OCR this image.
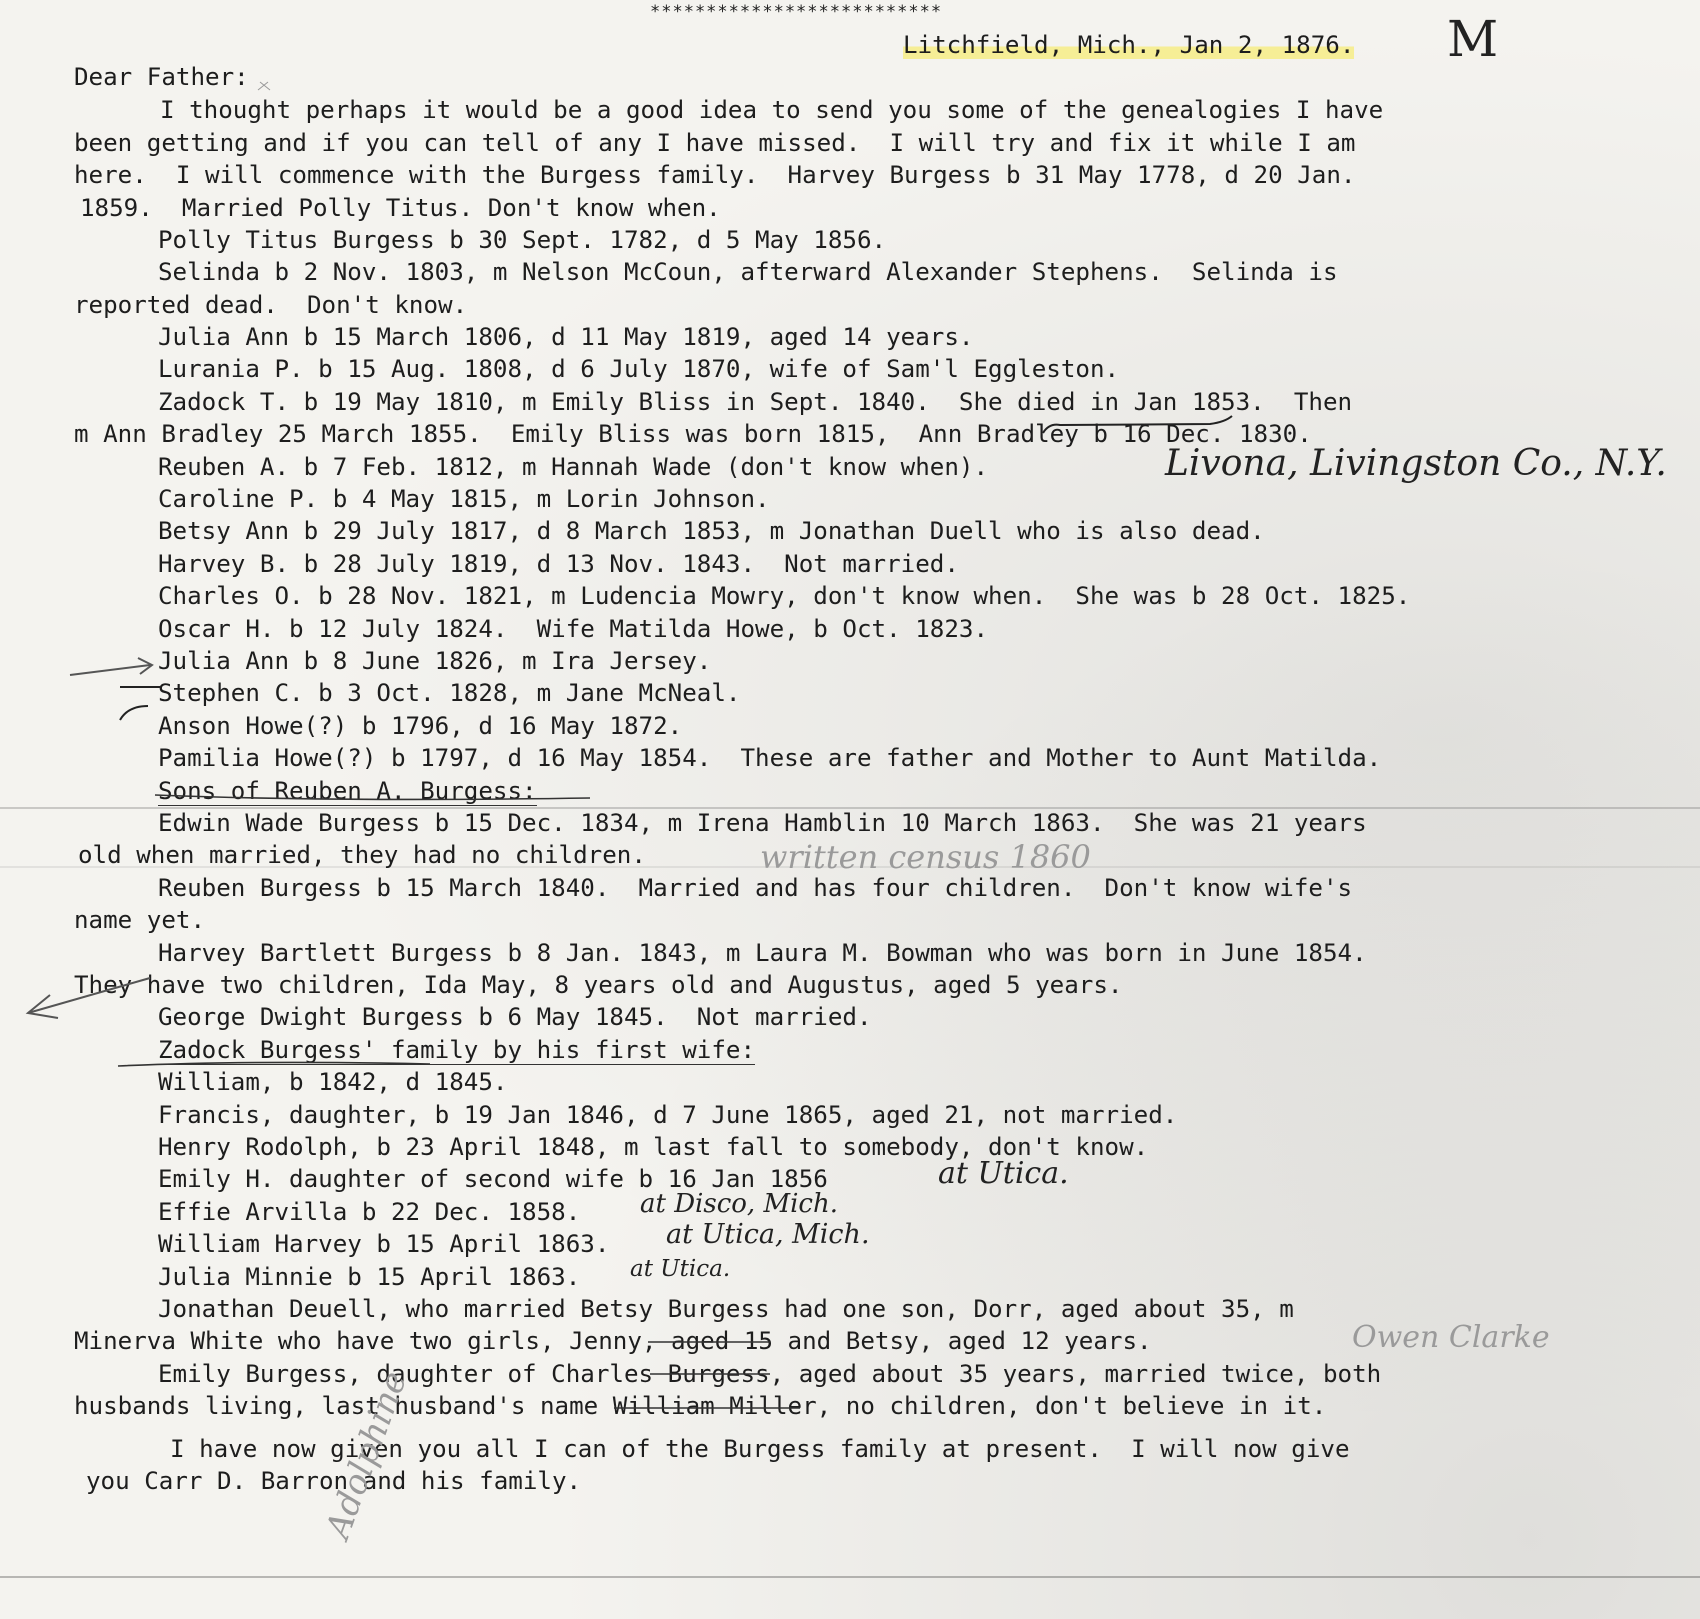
**************************
Litchfield, Mich., Jan 2, 1876. M
Dear Father:
I thought perhaps it would be a good idea to send you some of the genealogies I have
been getting and if you can tell of any I have missed.  I will try and fix it while I am
here.  I will commence with the Burgess family.  Harvey Burgess b 31 May 1778, d 20 Jan.
1859.  Married Polly Titus. Don't know when.
Polly Titus Burgess b 30 Sept. 1782, d 5 May 1856.
Selinda b 2 Nov. 1803, m Nelson McCoun, afterward Alexander Stephens.  Selinda is
reported dead.  Don't know.
Julia Ann b 15 March 1806, d 11 May 1819, aged 14 years.
Lurania P. b 15 Aug. 1808, d 6 July 1870, wife of Sam'l Eggleston.
Zadock T. b 19 May 1810, m Emily Bliss in Sept. 1840.  She died in Jan 1853.  Then
m Ann Bradley 25 March 1855.  Emily Bliss was born 1815,  Ann Bradley b 16 Dec. 1830.
Reuben A. b 7 Feb. 1812, m Hannah Wade (don't know when).	Livona, Livingston Co., N.Y.
Caroline P. b 4 May 1815, m Lorin Johnson.
Betsy Ann b 29 July 1817, d 8 March 1853, m Jonathan Duell who is also dead.
Harvey B. b 28 July 1819, d 13 Nov. 1843.  Not married.
Charles O. b 28 Nov. 1821, m Ludencia Mowry, don't know when.  She was b 28 Oct. 1825.
Oscar H. b 12 July 1824.  Wife Matilda Howe, b Oct. 1823.
Julia Ann b 8 June 1826, m Ira Jersey.
Stephen C. b 3 Oct. 1828, m Jane McNeal.
Anson Howe(?) b 1796, d 16 May 1872.
Pamilia Howe(?) b 1797, d 16 May 1854.  These are father and Mother to Aunt Matilda.
Sons of Reuben A. Burgess:
Edwin Wade Burgess b 15 Dec. 1834, m Irena Hamblin 10 March 1863.  She was 21 years
old when married, they had no children.	written census 1860
Reuben Burgess b 15 March 1840.  Married and has four children.  Don't know wife's
name yet.
Harvey Bartlett Burgess b 8 Jan. 1843, m Laura M. Bowman who was born in June 1854.
They have two children, Ida May, 8 years old and Augustus, aged 5 years.
George Dwight Burgess b 6 May 1845.  Not married.
Zadock Burgess' family by his first wife:
William, b 1842, d 1845.
Francis, daughter, b 19 Jan 1846, d 7 June 1865, aged 21, not married.
Henry Rodolph, b 23 April 1848, m last fall to somebody, don't know.
Emily H. daughter of second wife b 16 Jan 1856	at Utica.
Effie Arvilla b 22 Dec. 1858. at Disco, Mich.
William Harvey b 15 April 1863. at Utica, Mich.
Julia Minnie b 15 April 1863. at Utica.
Jonathan Deuell, who married Betsy Burgess had one son, Dorr, aged about 35, m
Minerva White who have two girls, Jenny, aged 15 and Betsy, aged 12 years.	Owen Clarke
Emily Burgess, daughter of Charles Burgess, aged about 35 years, married twice, both
husbands living, last husband's name William Miller, no children, don't believe in it.
I have now given you all I can of the Burgess family at present.  I will now give
you Carr D. Barron and his family.
Adolphine
